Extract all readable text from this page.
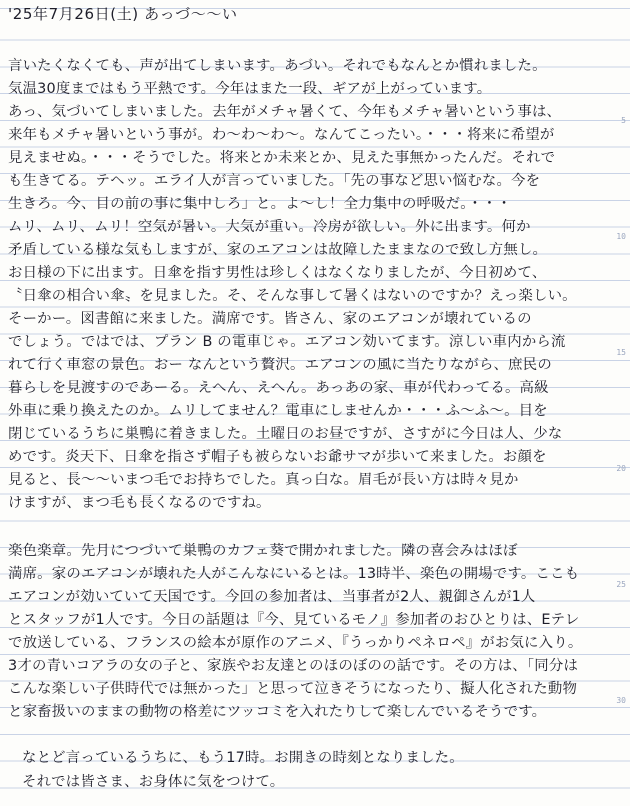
'25年7月26日(土) あっづ〜〜い
言いたくなくても、声が出てしまいます。あづい。それでもなんとか慣れました。
気温30度まではもう平熱です。今年はまた一段、ギアが上がっています。
あっ、気づいてしまいました。去年がメチャ暑くて、今年もメチャ暑いという事は、
来年もメチャ暑いという事が。わ〜わ〜わ〜。なんてこったい。・・・将来に希望が
見えませぬ。・・・そうでした。将来とか未来とか、見えた事無かったんだ。それで
も生きてる。テヘッ。エライ人が言っていました。「先の事など思い悩むな。今を
生きろ。今、目の前の事に集中しろ」と。よ〜し！全力集中の呼吸だ。・・・
ムリ、ムリ、ムリ！空気が暑い。大気が重い。冷房が欲しい。外に出ます。何か
矛盾している様な気もしますが、家のエアコンは故障したままなので致し方無し。
お日様の下に出ます。日傘を指す男性は珍しくはなくなりましたが、今日初めて、
〝日傘の相合い傘〟を見ました。そ、そんな事して暑くはないのですか？えっ楽しい。
そーかー。図書館に来ました。満席です。皆さん、家のエアコンが壊れているの
でしょう。ではでは、プラン B の電車じゃ。エアコン効いてます。涼しい車内から流
れて行く車窓の景色。おー なんという贅沢。エアコンの風に当たりながら、庶民の
暮らしを見渡すのであーる。えへん、えへん。あっあの家、車が代わってる。高級
外車に乗り換えたのか。ムリしてません？電車にしませんか・・・ふ〜ふ〜。目を
閉じているうちに巣鴨に着きました。土曜日のお昼ですが、さすがに今日は人、少な
めです。炎天下、日傘を指さず帽子も被らないお爺サマが歩いて来ました。お顔を
見ると、長〜〜いまつ毛でお持ちでした。真っ白な。眉毛が長い方は時々見か
けますが、まつ毛も長くなるのですね。
楽色楽章。先月につづいて巣鴨のカフェ葵で開かれました。隣の喜会みはほぼ
満席。家のエアコンが壊れた人がこんなにいるとは。13時半、楽色の開場です。ここも
エアコンが効いていて天国です。今回の参加者は、当事者が2人、親御さんが1人
とスタッフが1人です。今日の話題は『今、見ているモノ』参加者のおひとりは、Eテレ
で放送している、フランスの絵本が原作のアニメ、『うっかりペネロペ』がお気に入り。
3才の青いコアラの女の子と、家族やお友達とのほのぼのの話です。その方は、「同分は
こんな楽しい子供時代では無かった」と思って泣きそうになったり、擬人化された動物
と家畜扱いのままの動物の格差にツッコミを入れたりして楽しんでいるそうです。
なとど言っているうちに、もう17時。お開きの時刻となりました。
それでは皆さま、お身体に気をつけて。
5
10
15
20
25
30
